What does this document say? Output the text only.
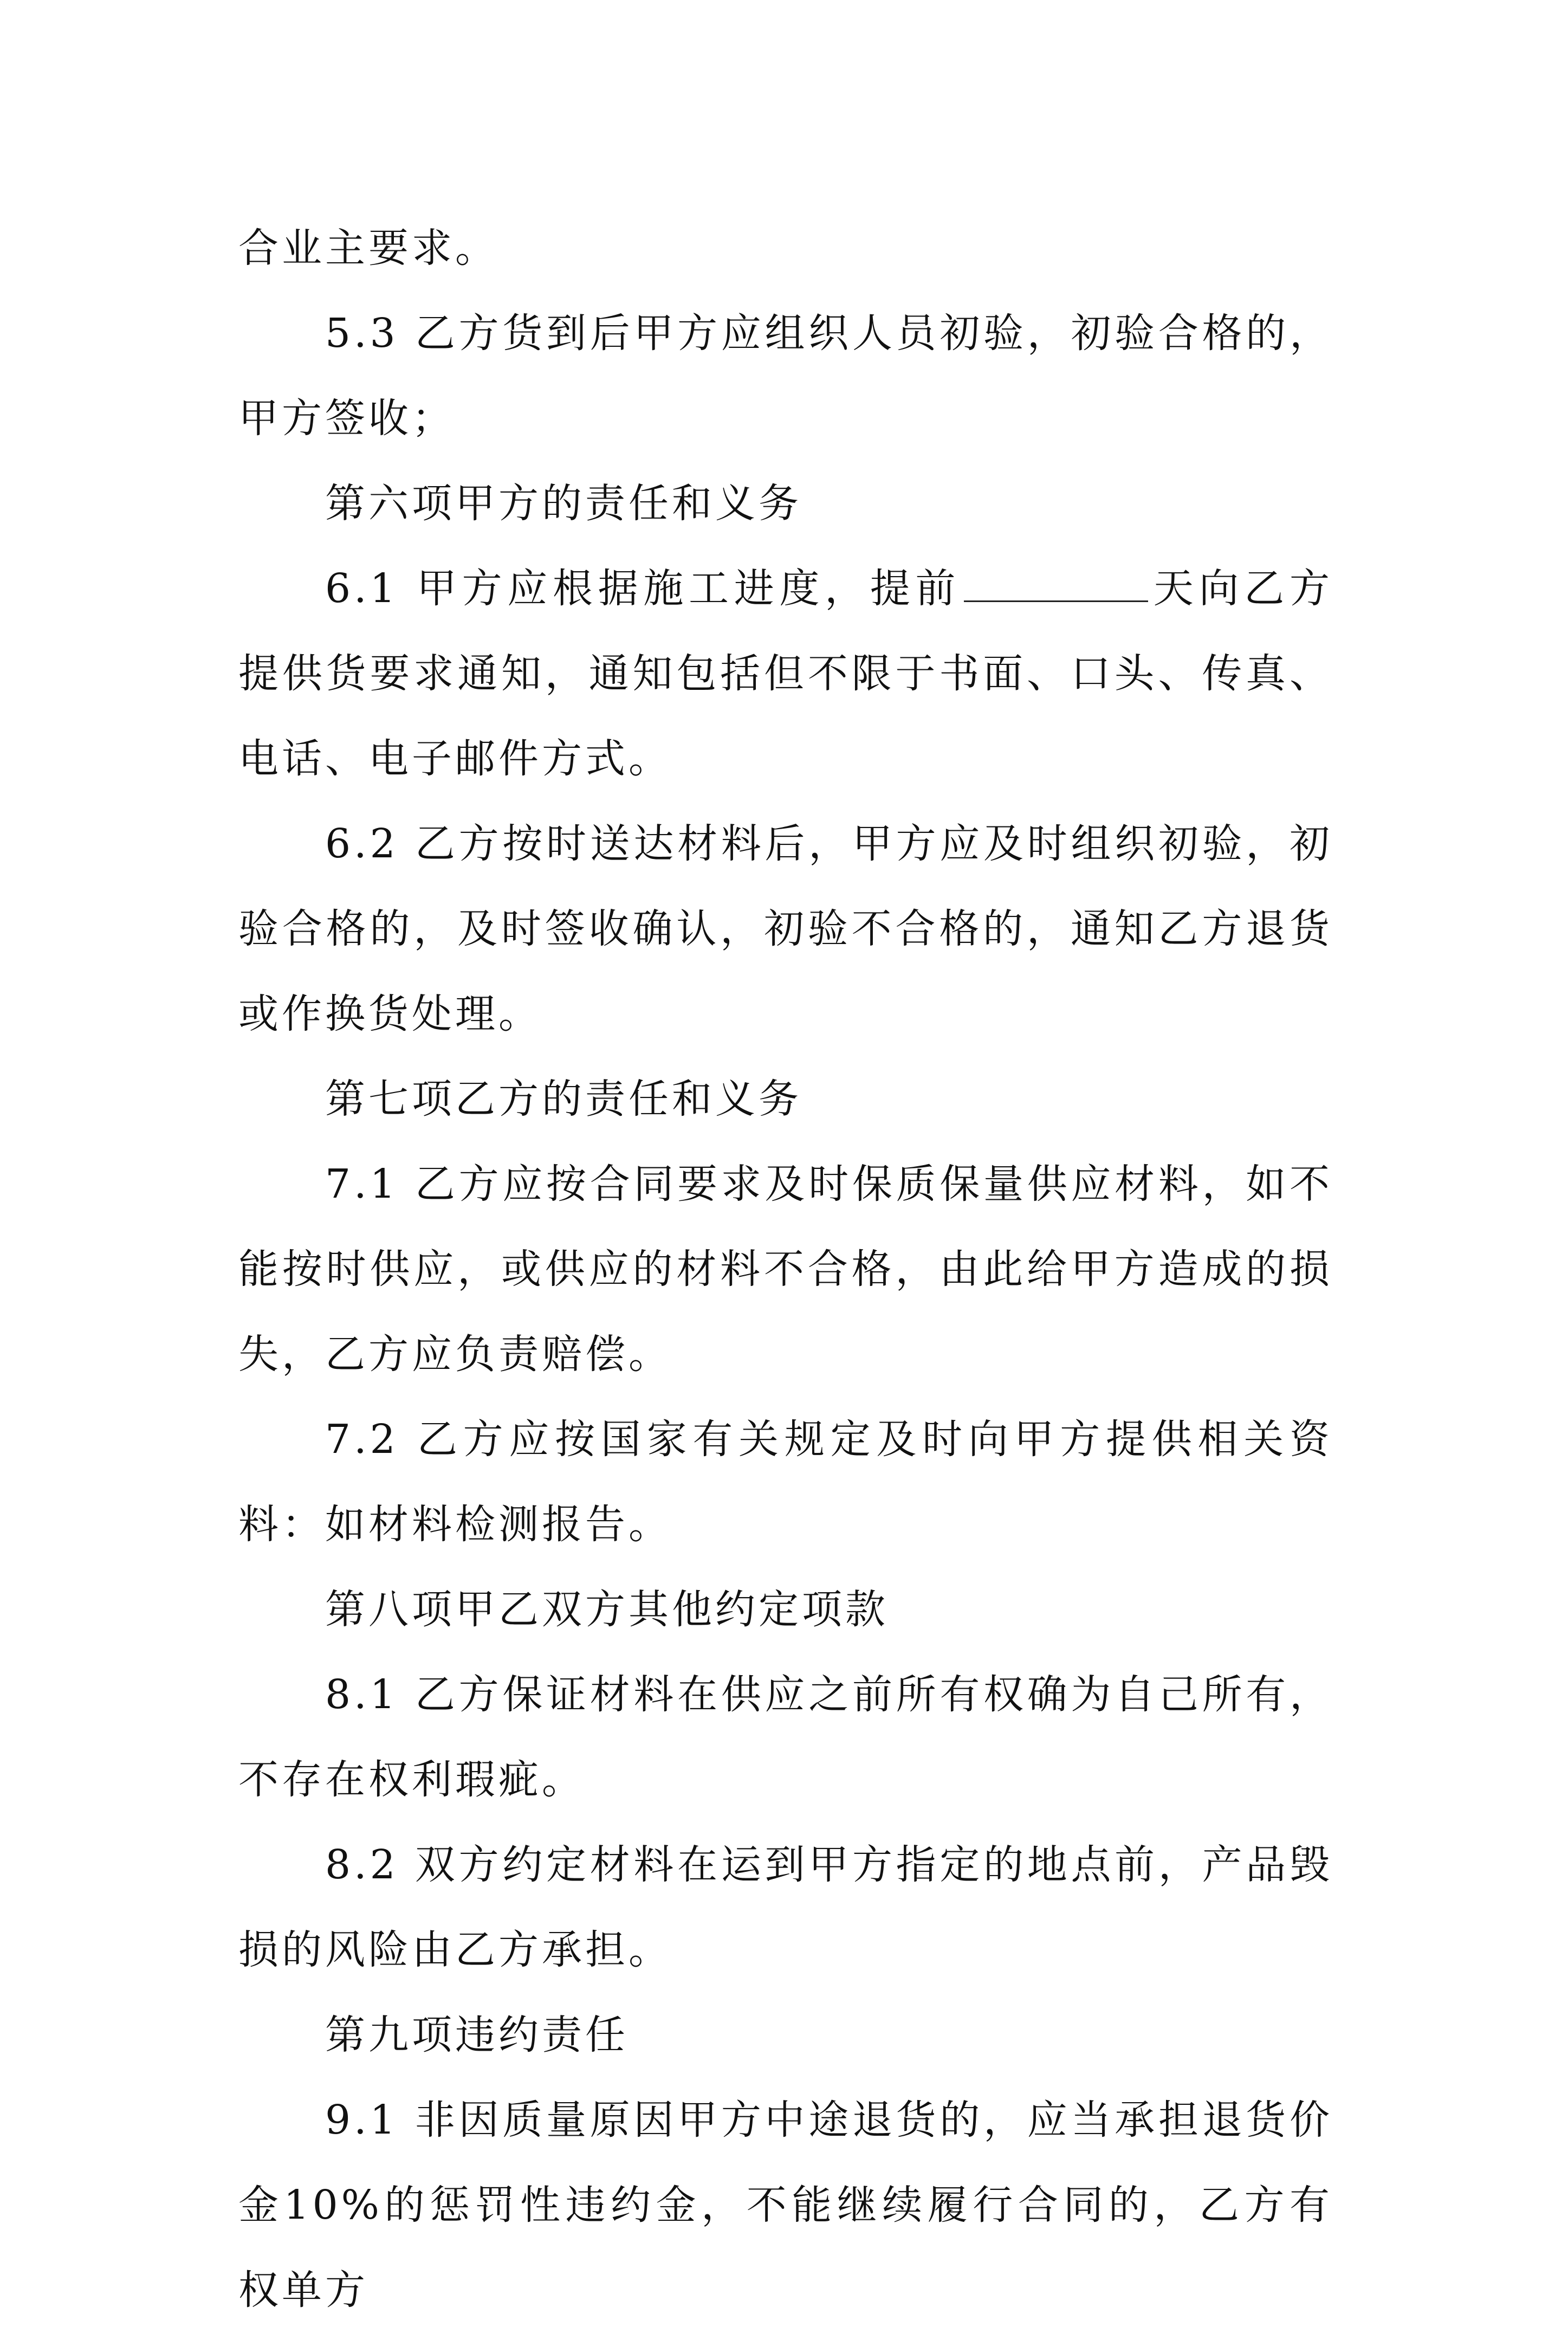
合业主要求。

5.3 乙方货到后甲方应组织人员初验，初验合格的，甲方签收；

第六项甲方的责任和义务

6.1 甲方应根据施工进度，提前	天向乙方提供货要求通知，通知包括但不限于书面、口头、传真、电话、电子邮件方式。

6.2 乙方按时送达材料后，甲方应及时组织初验，初验合格的，及时签收确认，初验不合格的，通知乙方退货或作换货处理。

第七项乙方的责任和义务

7.1 乙方应按合同要求及时保质保量供应材料，如不能按时供应，或供应的材料不合格，由此给甲方造成的损失，乙方应负责赔偿。

7.2 乙方应按国家有关规定及时向甲方提供相关资料：如材料检测报告。

第八项甲乙双方其他约定项款

8.1 乙方保证材料在供应之前所有权确为自己所有，不存在权利瑕疵。

8.2 双方约定材料在运到甲方指定的地点前，产品毁损的风险由乙方承担。

第九项违约责任

9.1 非因质量原因甲方中途退货的，应当承担退货价金10%的惩罚性违约金，不能继续履行合同的，乙方有权单方
